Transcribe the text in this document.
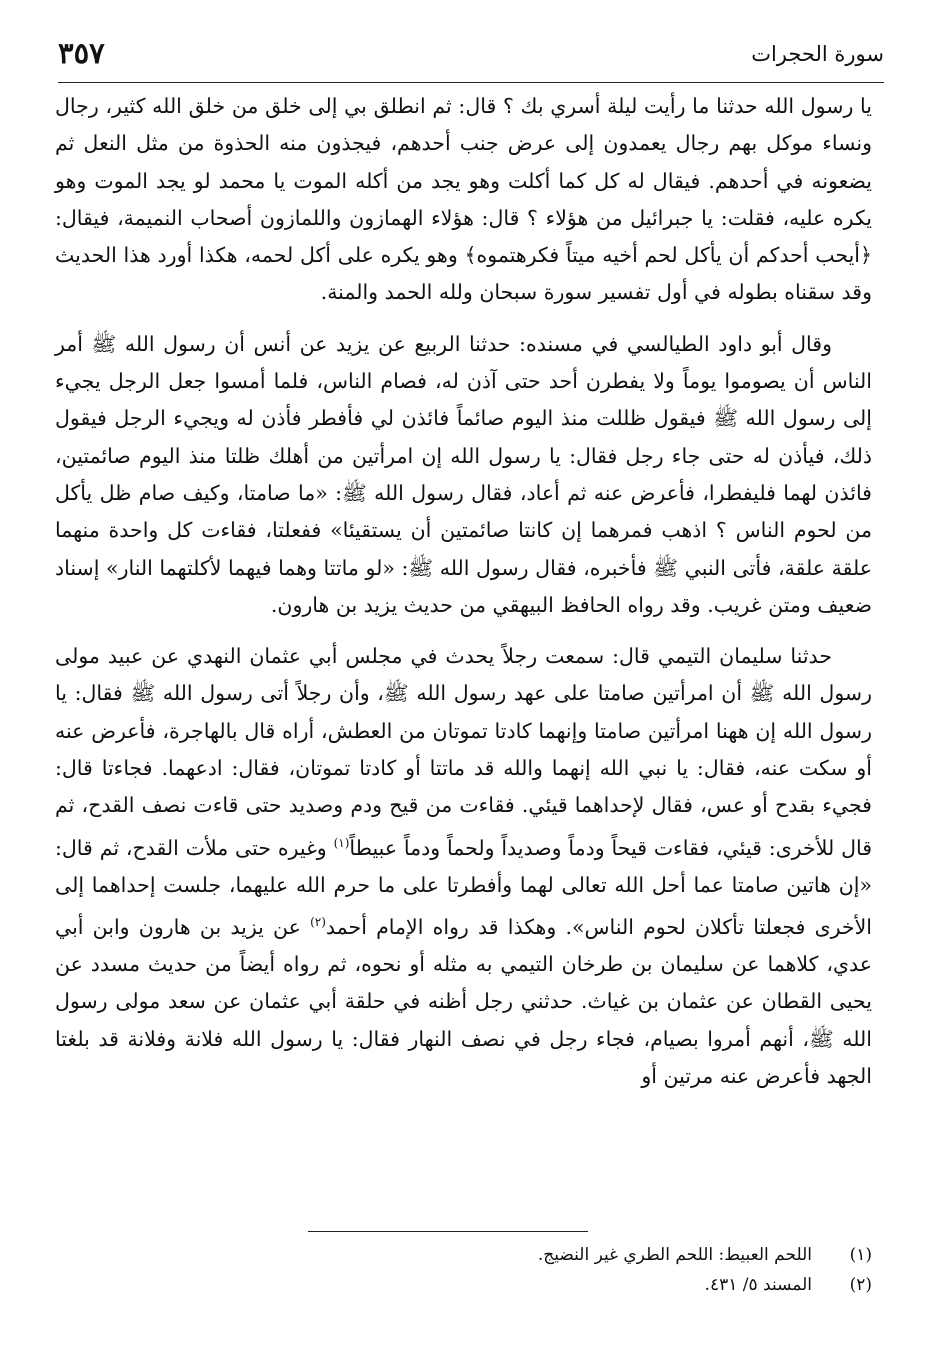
سورة الحجرات
٣٥٧

يا رسول الله حدثنا ما رأيت ليلة أسري بك ؟ قال: ثم انطلق بي إلى خلق من خلق الله كثير، رجال ونساء موكل بهم رجال يعمدون إلى عرض جنب أحدهم، فيجذون منه الحذوة من مثل النعل ثم يضعونه في أحدهم. فيقال له كل كما أكلت وهو يجد من أكله الموت يا محمد لو يجد الموت وهو يكره عليه، فقلت: يا جبرائيل من هؤلاء ؟ قال: هؤلاء الهمازون واللمازون أصحاب النميمة، فيقال: ﴿أيحب أحدكم أن يأكل لحم أخيه ميتاً فكرهتموه﴾ وهو يكره على أكل لحمه، هكذا أورد هذا الحديث وقد سقناه بطوله في أول تفسير سورة سبحان ولله الحمد والمنة.

وقال أبو داود الطيالسي في مسنده: حدثنا الربيع عن يزيد عن أنس أن رسول الله ﷺ أمر الناس أن يصوموا يوماً ولا يفطرن أحد حتى آذن له، فصام الناس، فلما أمسوا جعل الرجل يجيء إلى رسول الله ﷺ فيقول ظللت منذ اليوم صائماً فائذن لي فأفطر فأذن له ويجيء الرجل فيقول ذلك، فيأذن له حتى جاء رجل فقال: يا رسول الله إن امرأتين من أهلك ظلتا منذ اليوم صائمتين، فائذن لهما فليفطرا، فأعرض عنه ثم أعاد، فقال رسول الله ﷺ: «ما صامتا، وكيف صام ظل يأكل من لحوم الناس ؟ اذهب فمرهما إن كانتا صائمتين أن يستقيئا» ففعلتا، فقاءت كل واحدة منهما علقة علقة، فأتى النبي ﷺ فأخبره، فقال رسول الله ﷺ: «لو ماتتا وهما فيهما لأكلتهما النار» إسناد ضعيف ومتن غريب. وقد رواه الحافظ البيهقي من حديث يزيد بن هارون.

حدثنا سليمان التيمي قال: سمعت رجلاً يحدث في مجلس أبي عثمان النهدي عن عبيد مولى رسول الله ﷺ أن امرأتين صامتا على عهد رسول الله ﷺ، وأن رجلاً أتى رسول الله ﷺ فقال: يا رسول الله إن ههنا امرأتين صامتا وإنهما كادتا تموتان من العطش، أراه قال بالهاجرة، فأعرض عنه أو سكت عنه، فقال: يا نبي الله إنهما والله قد ماتتا أو كادتا تموتان، فقال: ادعهما. فجاءتا قال: فجيء بقدح أو عس، فقال لإحداهما قيئي. فقاءت من قيح ودم وصديد حتى قاءت نصف القدح، ثم قال للأخرى: قيئي، فقاءت قيحاً ودماً وصديداً ولحماً ودماً عبيطاً$^{(١)}$ وغيره حتى ملأت القدح، ثم قال: «إن هاتين صامتا عما أحل الله تعالى لهما وأفطرتا على ما حرم الله عليهما، جلست إحداهما إلى الأخرى فجعلتا تأكلان لحوم الناس». وهكذا قد رواه الإمام أحمد$^{(٢)}$ عن يزيد بن هارون وابن أبي عدي، كلاهما عن سليمان بن طرخان التيمي به مثله أو نحوه، ثم رواه أيضاً من حديث مسدد عن يحيى القطان عن عثمان بن غياث. حدثني رجل أظنه في حلقة أبي عثمان عن سعد مولى رسول الله ﷺ، أنهم أمروا بصيام، فجاء رجل في نصف النهار فقال: يا رسول الله فلانة وفلانة قد بلغتا الجهد فأعرض عنه مرتين أو

(١)
اللحم العبيط: اللحم الطري غير النضيج.
(٢)
المسند ٥/ ٤٣١.
